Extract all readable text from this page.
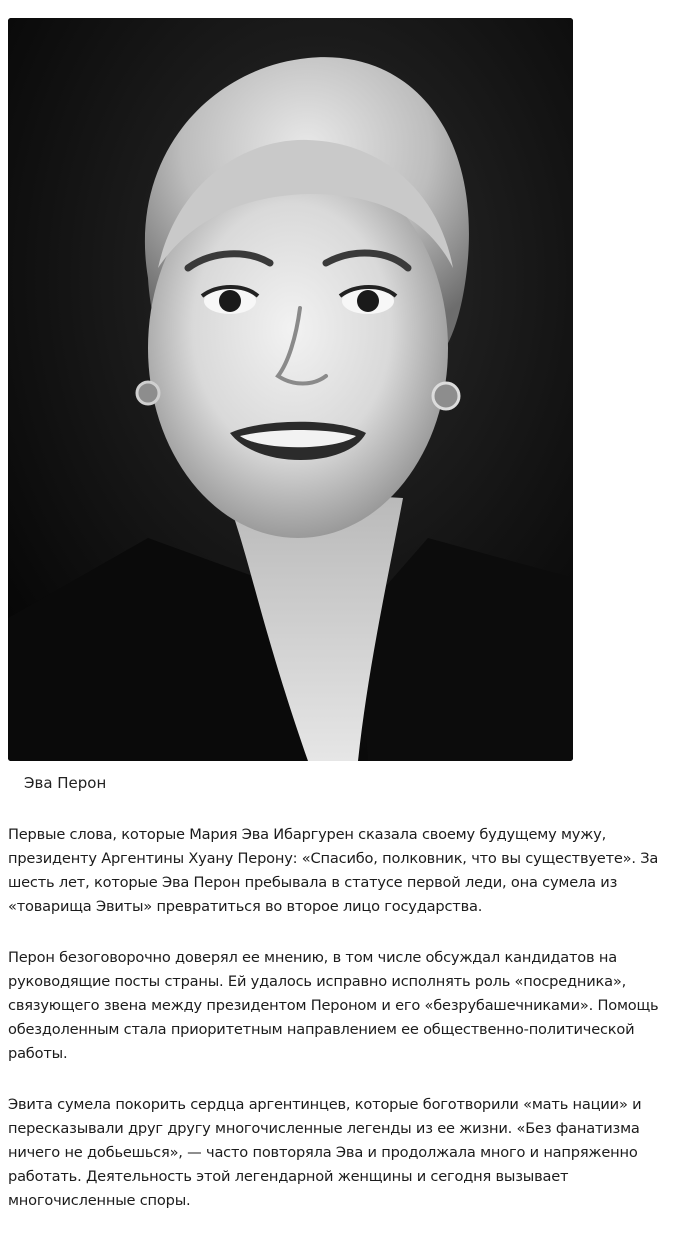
Эва Перон

Первые слова, которые Мария Эва Ибаргурен сказала своему будущему мужу, президенту Аргентины Хуану Перону: «Спасибо, полковник, что вы существуете». За шесть лет, которые Эва Перон пребывала в статусе первой леди, она сумела из «товарища Эвиты» превратиться во второе лицо государства.

Перон безоговорочно доверял ее мнению, в том числе обсуждал кандидатов на руководящие посты страны. Ей удалось исправно исполнять роль «посредника», связующего звена между президентом Пероном и его «безрубашечниками». Помощь обездоленным стала приоритетным направлением ее общественно-политической работы.

Эвита сумела покорить сердца аргентинцев, которые боготворили «мать нации» и пересказывали друг другу многочисленные легенды из ее жизни. «Без фанатизма ничего не добьешься», — часто повторяла Эва и продолжала много и напряженно работать. Деятельность этой легендарной женщины и сегодня вызывает многочисленные споры.
